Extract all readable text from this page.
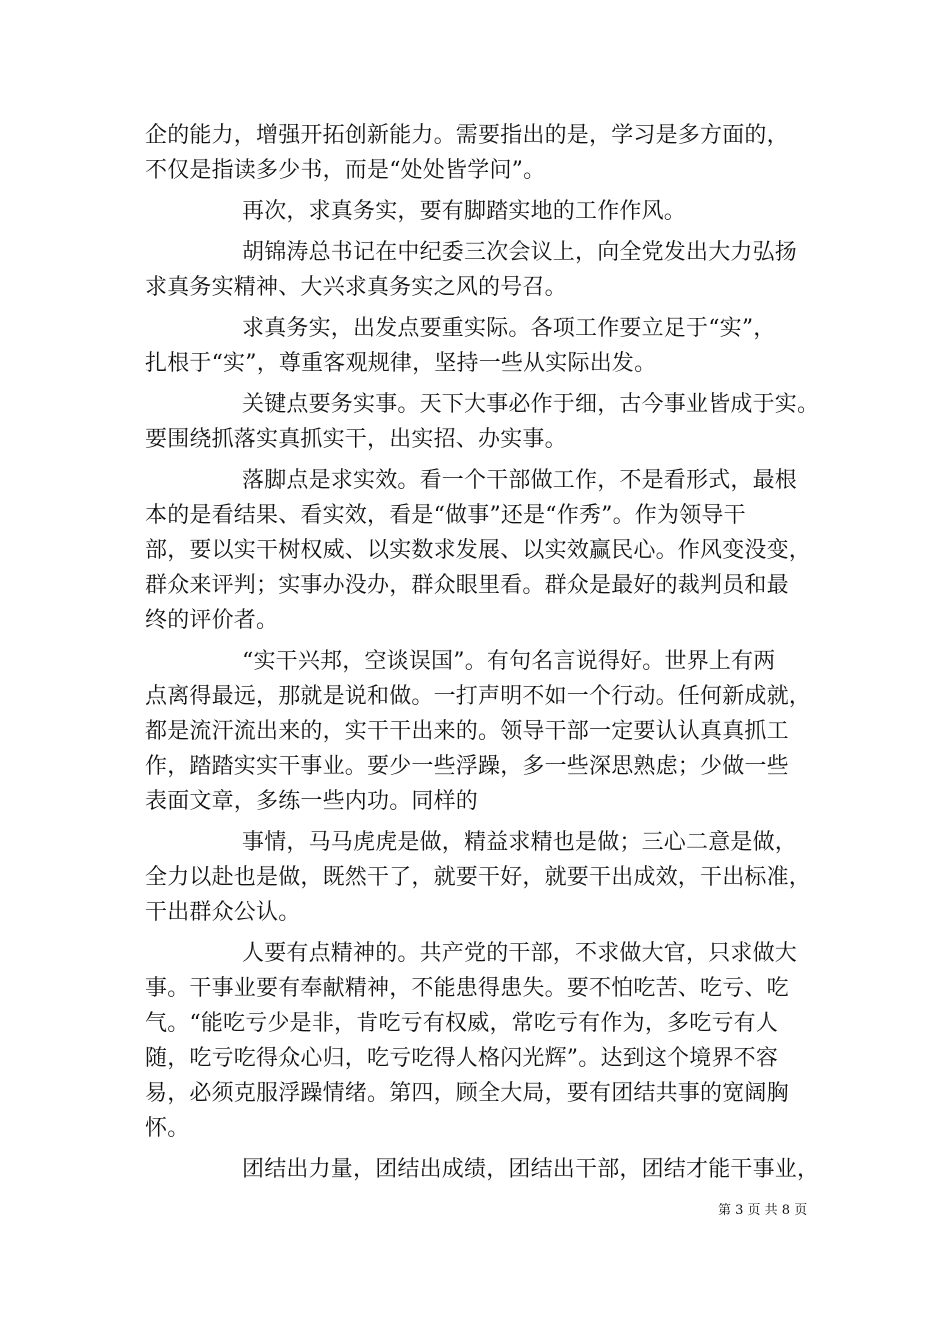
企的能力，增强开拓创新能力。需要指出的是，学习是多方面的，
不仅是指读多少书，而是“处处皆学问”。
再次，求真务实，要有脚踏实地的工作作风。
胡锦涛总书记在中纪委三次会议上，向全党发出大力弘扬
求真务实精神、大兴求真务实之风的号召。
求真务实，出发点要重实际。各项工作要立足于“实”，
扎根于“实”，尊重客观规律，坚持一些从实际出发。
关键点要务实事。天下大事必作于细，古今事业皆成于实。
要围绕抓落实真抓实干，出实招、办实事。
落脚点是求实效。看一个干部做工作，不是看形式，最根
本的是看结果、看实效，看是“做事”还是“作秀”。作为领导干
部，要以实干树权威、以实数求发展、以实效赢民心。作风变没变，
群众来评判；实事办没办，群众眼里看。群众是最好的裁判员和最
终的评价者。
“实干兴邦，空谈误国”。有句名言说得好。世界上有两
点离得最远，那就是说和做。一打声明不如一个行动。任何新成就，
都是流汗流出来的，实干干出来的。领导干部一定要认认真真抓工
作，踏踏实实干事业。要少一些浮躁，多一些深思熟虑；少做一些
表面文章，多练一些内功。同样的
事情，马马虎虎是做，精益求精也是做；三心二意是做，
全力以赴也是做，既然干了，就要干好，就要干出成效，干出标准，
干出群众公认。
人要有点精神的。共产党的干部，不求做大官，只求做大
事。干事业要有奉献精神，不能患得患失。要不怕吃苦、吃亏、吃
气。“能吃亏少是非，肯吃亏有权威，常吃亏有作为，多吃亏有人
随，吃亏吃得众心归，吃亏吃得人格闪光辉”。达到这个境界不容
易，必须克服浮躁情绪。第四，顾全大局，要有团结共事的宽阔胸
怀。
团结出力量，团结出成绩，团结出干部，团结才能干事业，
第 3 页 共 8 页
